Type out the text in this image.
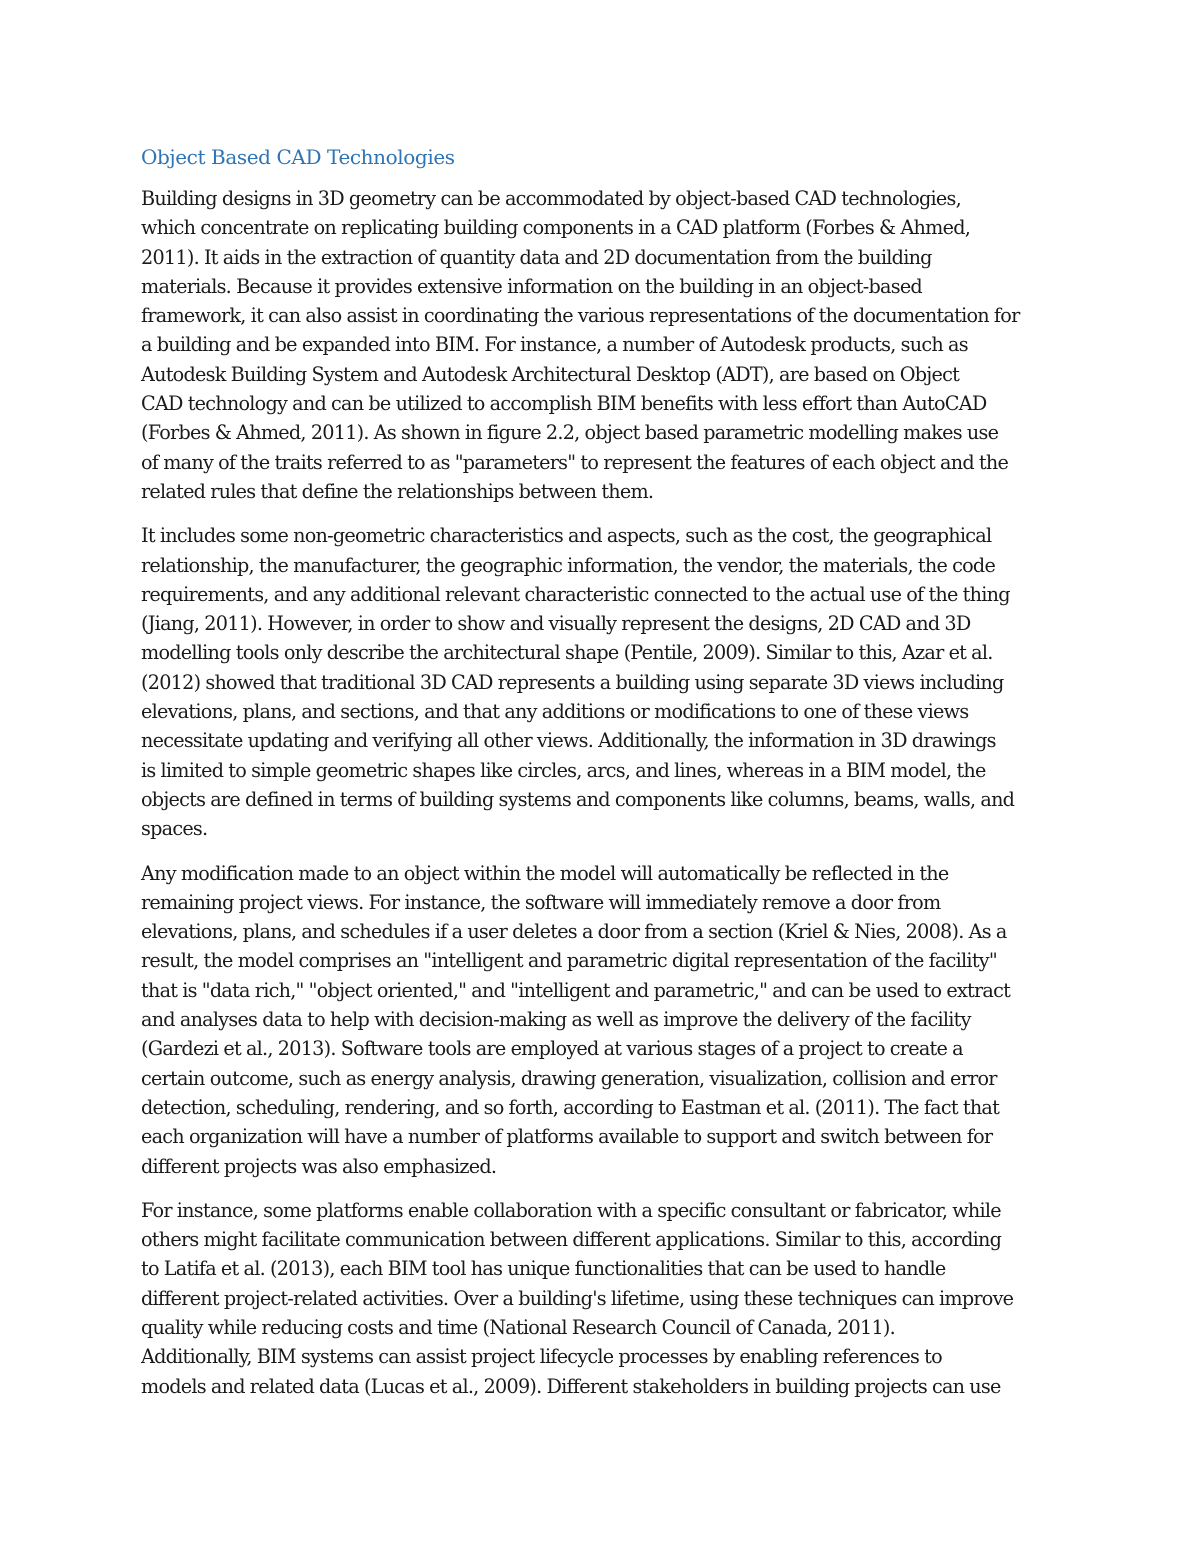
Object Based CAD Technologies

Building designs in 3D geometry can be accommodated by object-based CAD technologies,
which concentrate on replicating building components in a CAD platform (Forbes & Ahmed,
2011). It aids in the extraction of quantity data and 2D documentation from the building
materials. Because it provides extensive information on the building in an object-based
framework, it can also assist in coordinating the various representations of the documentation for
a building and be expanded into BIM. For instance, a number of Autodesk products, such as
Autodesk Building System and Autodesk Architectural Desktop (ADT), are based on Object
CAD technology and can be utilized to accomplish BIM benefits with less effort than AutoCAD
(Forbes & Ahmed, 2011). As shown in figure 2.2, object based parametric modelling makes use
of many of the traits referred to as "parameters" to represent the features of each object and the
related rules that define the relationships between them.

It includes some non-geometric characteristics and aspects, such as the cost, the geographical
relationship, the manufacturer, the geographic information, the vendor, the materials, the code
requirements, and any additional relevant characteristic connected to the actual use of the thing
(Jiang, 2011). However, in order to show and visually represent the designs, 2D CAD and 3D
modelling tools only describe the architectural shape (Pentile, 2009). Similar to this, Azar et al.
(2012) showed that traditional 3D CAD represents a building using separate 3D views including
elevations, plans, and sections, and that any additions or modifications to one of these views
necessitate updating and verifying all other views. Additionally, the information in 3D drawings
is limited to simple geometric shapes like circles, arcs, and lines, whereas in a BIM model, the
objects are defined in terms of building systems and components like columns, beams, walls, and
spaces.

Any modification made to an object within the model will automatically be reflected in the
remaining project views. For instance, the software will immediately remove a door from
elevations, plans, and schedules if a user deletes a door from a section (Kriel & Nies, 2008). As a
result, the model comprises an "intelligent and parametric digital representation of the facility"
that is "data rich," "object oriented," and "intelligent and parametric," and can be used to extract
and analyses data to help with decision-making as well as improve the delivery of the facility
(Gardezi et al., 2013). Software tools are employed at various stages of a project to create a
certain outcome, such as energy analysis, drawing generation, visualization, collision and error
detection, scheduling, rendering, and so forth, according to Eastman et al. (2011). The fact that
each organization will have a number of platforms available to support and switch between for
different projects was also emphasized.

For instance, some platforms enable collaboration with a specific consultant or fabricator, while
others might facilitate communication between different applications. Similar to this, according
to Latifa et al. (2013), each BIM tool has unique functionalities that can be used to handle
different project-related activities. Over a building's lifetime, using these techniques can improve
quality while reducing costs and time (National Research Council of Canada, 2011).
Additionally, BIM systems can assist project lifecycle processes by enabling references to
models and related data (Lucas et al., 2009). Different stakeholders in building projects can use
